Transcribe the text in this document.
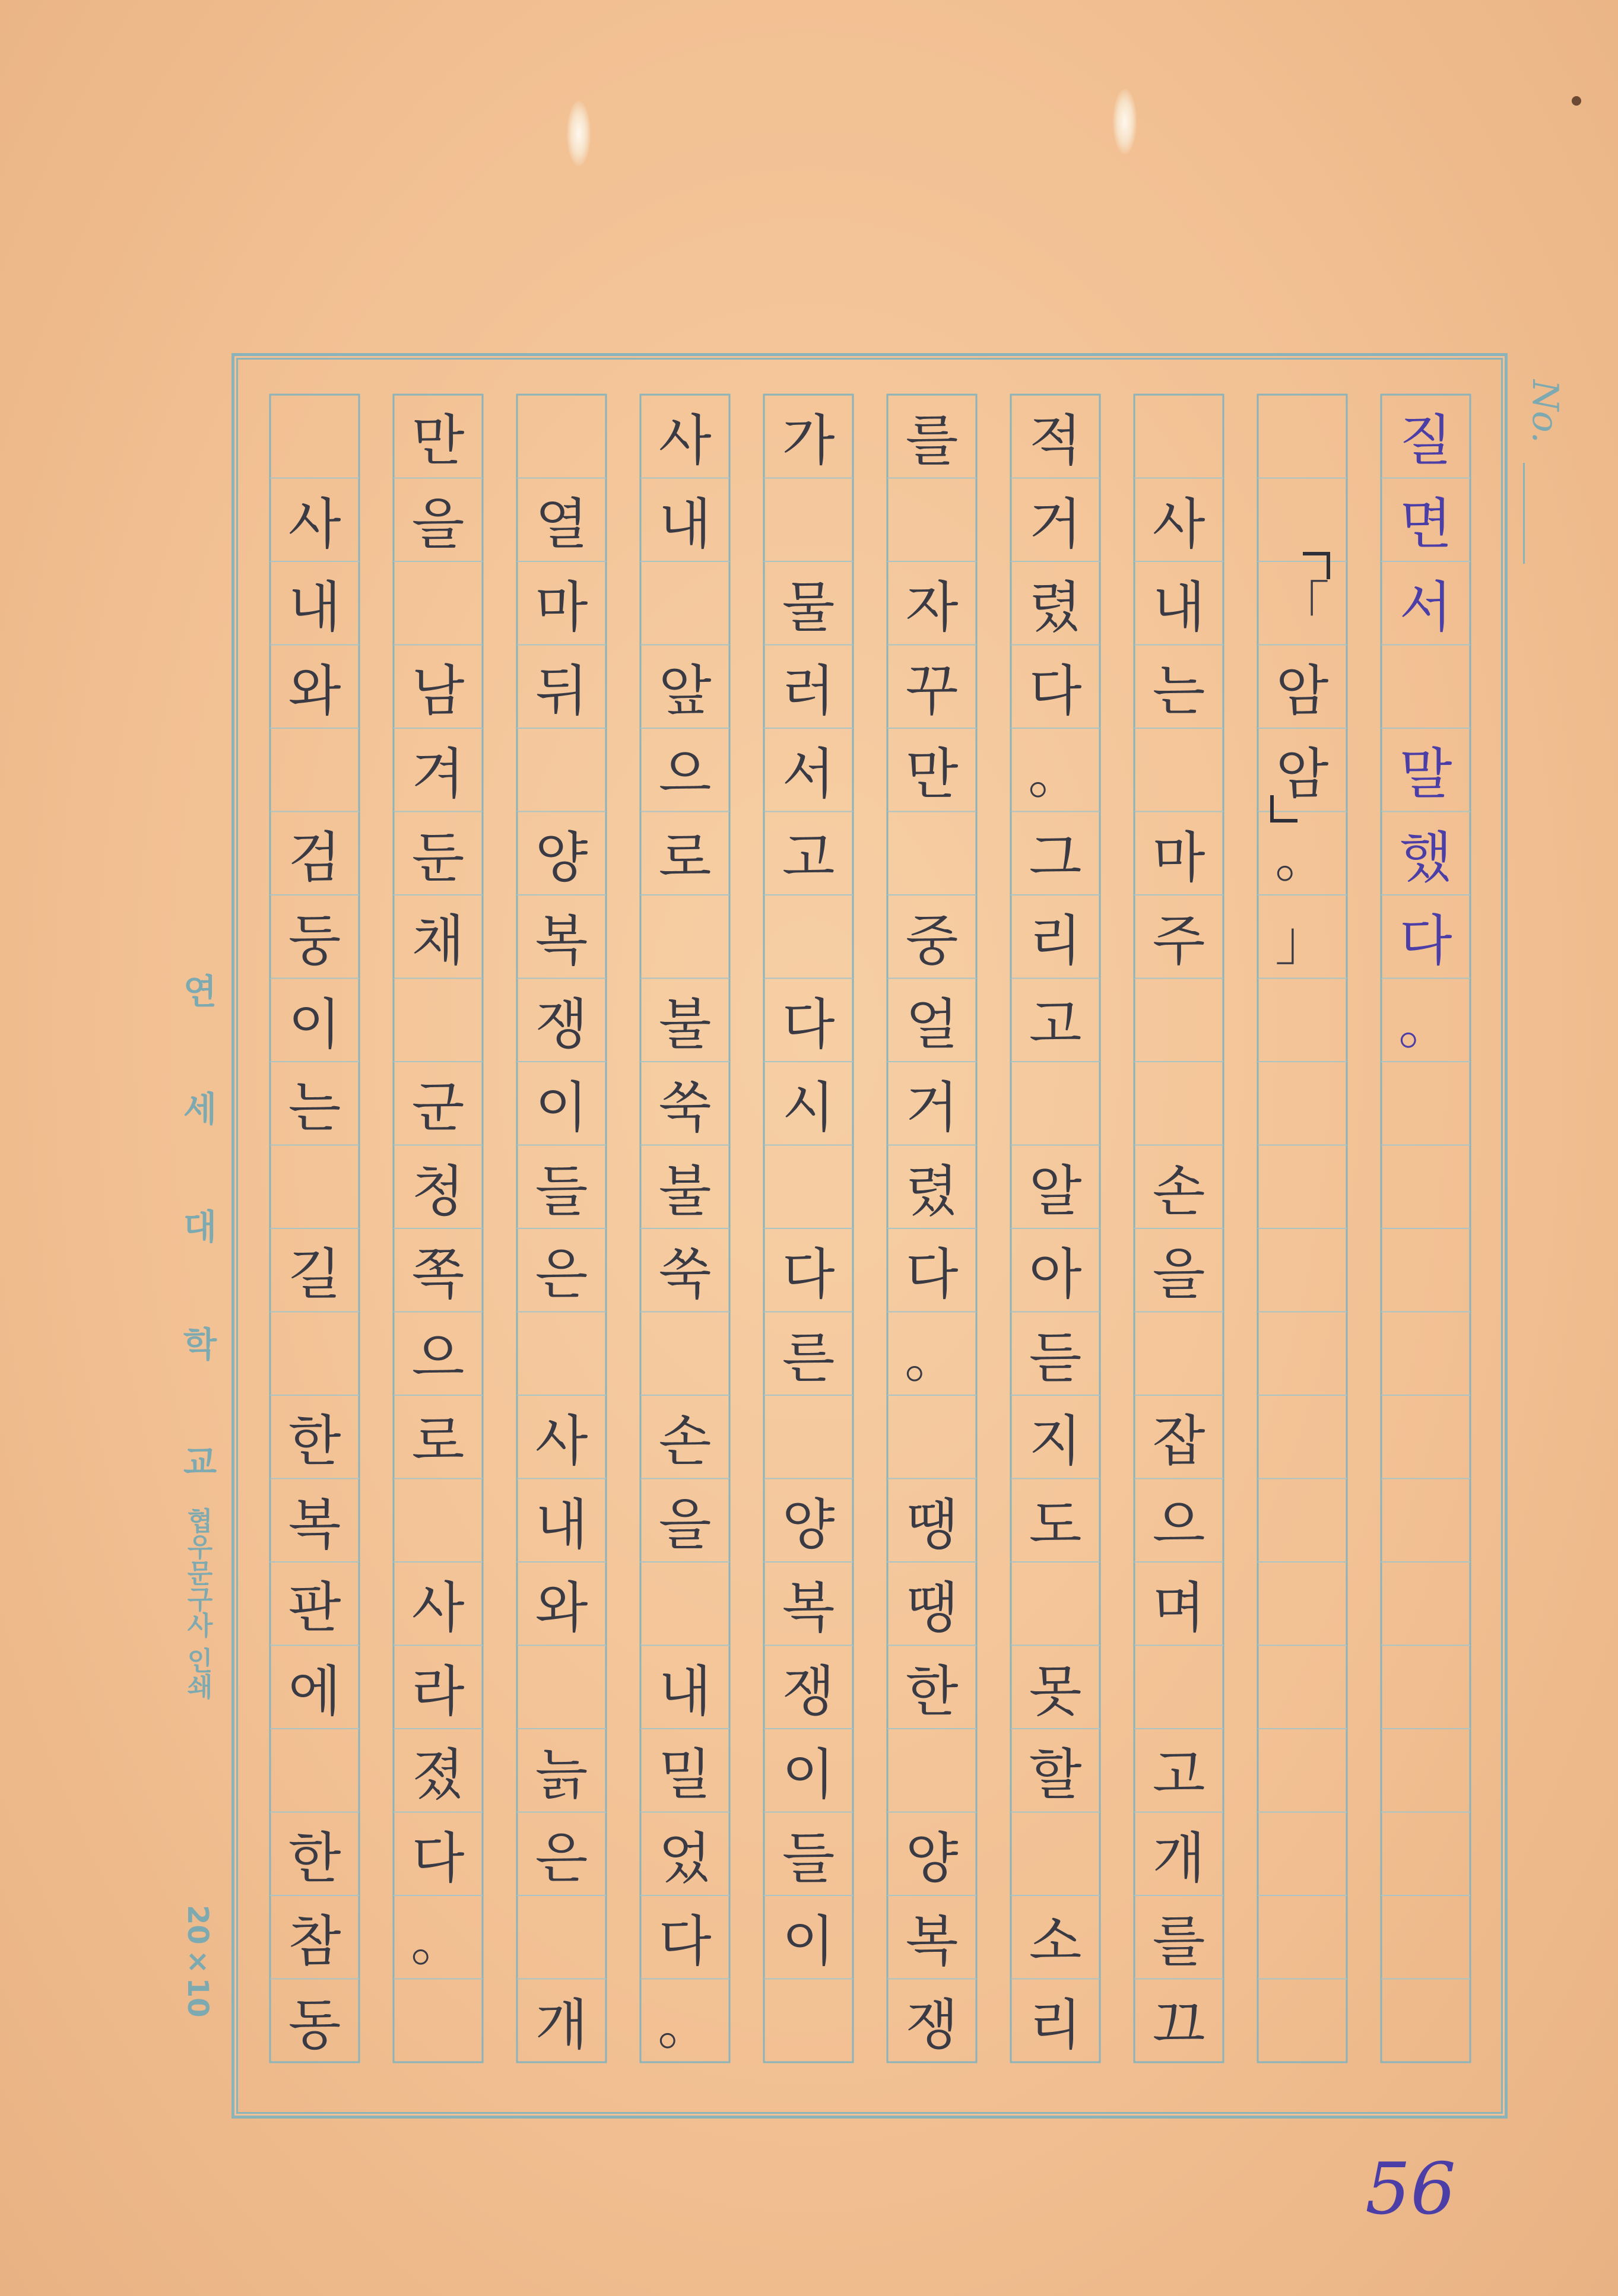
No.
연 세 대 학 교
협우문구사 인쇄
20×10
질
면
서
말
했
다
。
「
암
암
。
」
사
내
는
마
주
손
을
잡
으
며
고
개
를
끄
적
거
렸
다
。
그
리
고
알
아
듣
지
도
못
할
소
리
를
자
꾸
만
중
얼
거
렸
다
。
땡
땡
한
양
복
쟁
가
물
러
서
고
다
시
다
른
양
복
쟁
이
들
이
사
내
앞
으
로
불
쑥
불
쑥
손
을
내
밀
었
다
。
열
마
뒤
양
복
쟁
이
들
은
사
내
와
늙
은
개
만
을
남
겨
둔
채
군
청
쪽
으
로
사
라
졌
다
。
사
내
와
검
둥
이
는
길
한
복
판
에
한
참
동
56
